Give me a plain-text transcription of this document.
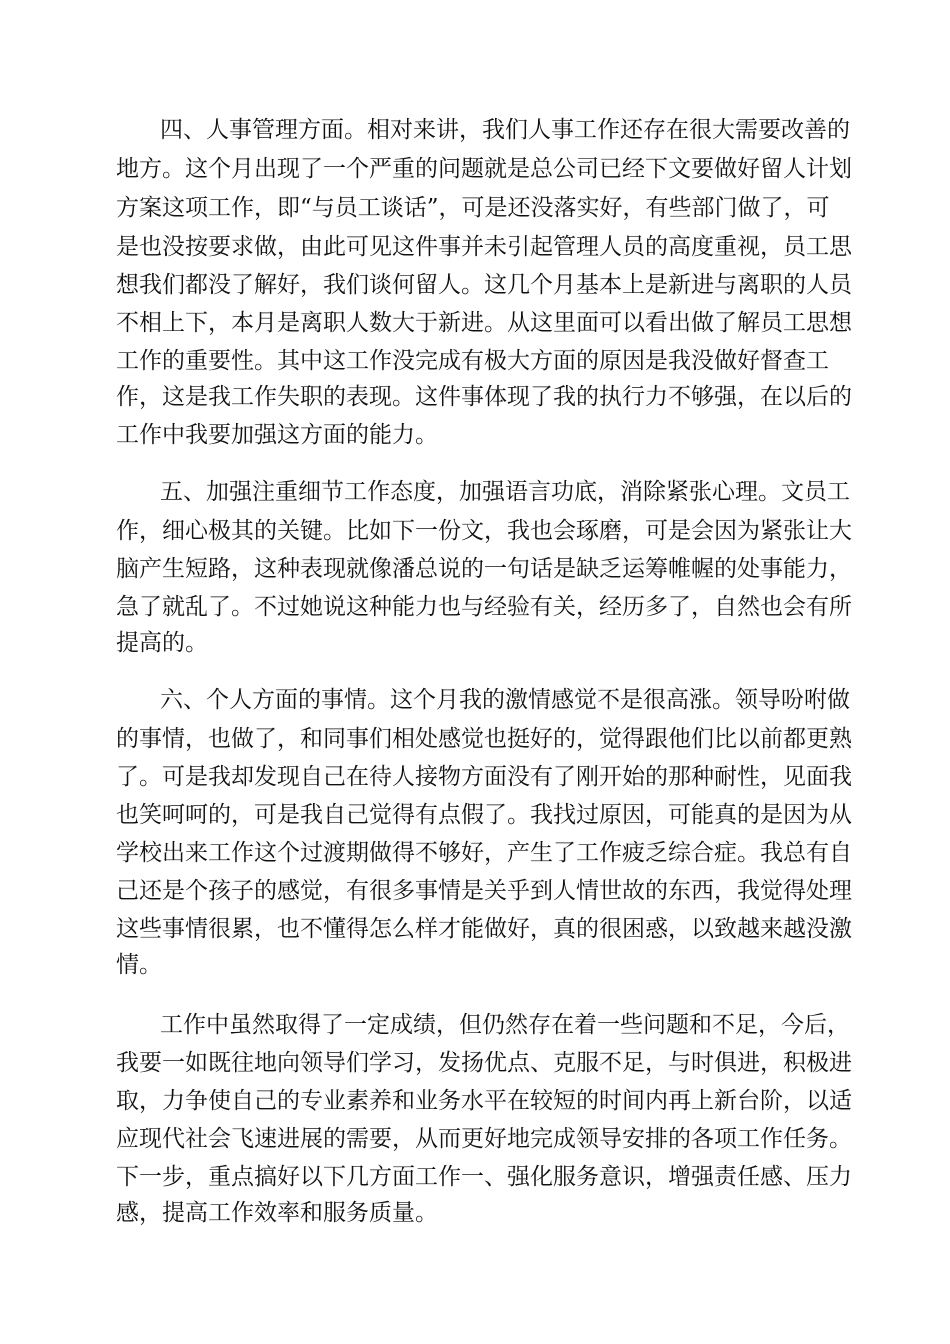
四、人事管理方面。相对来讲，我们人事工作还存在很大需要改善的
地方。这个月出现了一个严重的问题就是总公司已经下文要做好留人计划
方案这项工作，即“与员工谈话”，可是还没落实好，有些部门做了，可
是也没按要求做，由此可见这件事并未引起管理人员的高度重视，员工思
想我们都没了解好，我们谈何留人。这几个月基本上是新进与离职的人员
不相上下，本月是离职人数大于新进。从这里面可以看出做了解员工思想
工作的重要性。其中这工作没完成有极大方面的原因是我没做好督查工
作，这是我工作失职的表现。这件事体现了我的执行力不够强，在以后的
工作中我要加强这方面的能力。
五、加强注重细节工作态度，加强语言功底，消除紧张心理。文员工
作，细心极其的关键。比如下一份文，我也会琢磨，可是会因为紧张让大
脑产生短路，这种表现就像潘总说的一句话是缺乏运筹帷幄的处事能力，
急了就乱了。不过她说这种能力也与经验有关，经历多了，自然也会有所
提高的。
六、个人方面的事情。这个月我的激情感觉不是很高涨。领导吩咐做
的事情，也做了，和同事们相处感觉也挺好的，觉得跟他们比以前都更熟
了。可是我却发现自己在待人接物方面没有了刚开始的那种耐性，见面我
也笑呵呵的，可是我自己觉得有点假了。我找过原因，可能真的是因为从
学校出来工作这个过渡期做得不够好，产生了工作疲乏综合症。我总有自
己还是个孩子的感觉，有很多事情是关乎到人情世故的东西，我觉得处理
这些事情很累，也不懂得怎么样才能做好，真的很困惑，以致越来越没激
情。
工作中虽然取得了一定成绩，但仍然存在着一些问题和不足，今后，
我要一如既往地向领导们学习，发扬优点、克服不足，与时俱进，积极进
取，力争使自己的专业素养和业务水平在较短的时间内再上新台阶，以适
应现代社会飞速进展的需要，从而更好地完成领导安排的各项工作任务。
下一步，重点搞好以下几方面工作一、强化服务意识，增强责任感、压力
感，提高工作效率和服务质量。
